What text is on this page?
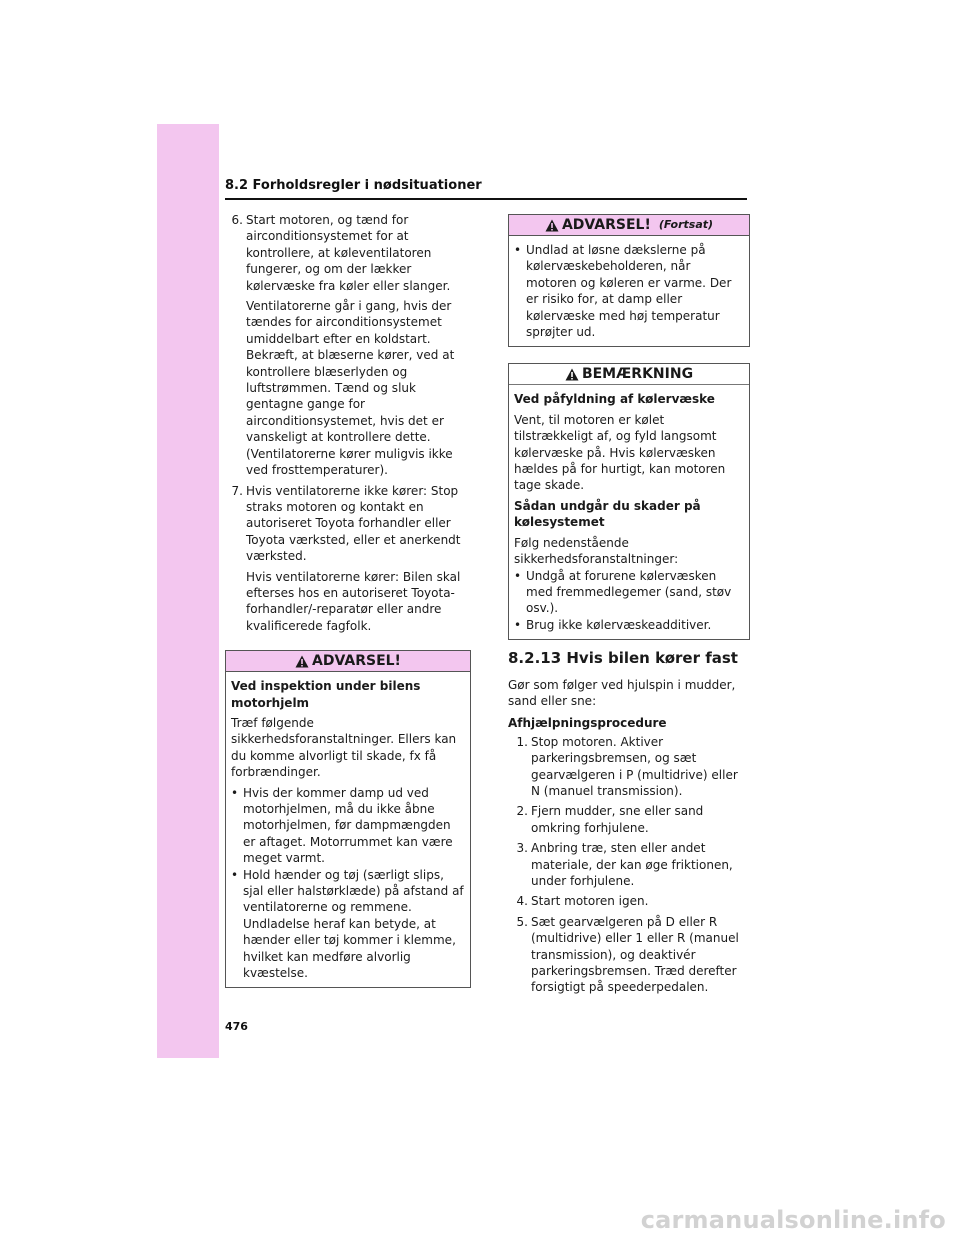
8.2 Forholdsregler i nødsituationer
6. Start motoren, og tænd for airconditionsystemet for at kontrollere, at køleventilatoren fungerer, og om der lækker kølervæske fra køler eller slanger.
Ventilatorerne går i gang, hvis der tændes for airconditionsystemet umiddelbart efter en koldstart. Bekræft, at blæserne kører, ved at kontrollere blæserlyden og luftstrømmen. Tænd og sluk gentagne gange for airconditionsystemet, hvis det er vanskeligt at kontrollere dette. (Ventilatorerne kører muligvis ikke ved frosttemperaturer).
7. Hvis ventilatorerne ikke kører: Stop straks motoren og kontakt en autoriseret Toyota forhandler eller Toyota værksted, eller et anerkendt værksted.
Hvis ventilatorerne kører: Bilen skal efterses hos en autoriseret Toyota-forhandler/-reparatør eller andre kvalificerede fagfolk.
ADVARSEL!

Ved inspektion under bilens motorhjelm

Træf følgende sikkerhedsforanstaltninger. Ellers kan du komme alvorligt til skade, fx få forbrændinger.

• Hvis der kommer damp ud ved motorhjelmen, må du ikke åbne motorhjelmen, før dampmængden er aftaget. Motorrummet kan være meget varmt.
• Hold hænder og tøj (særligt slips, sjal eller halstørklæde) på afstand af ventilatorerne og remmene. Undladelse heraf kan betyde, at hænder eller tøj kommer i klemme, hvilket kan medføre alvorlig kvæstelse.
ADVARSEL! (Fortsat)
• Undlad at løsne dækslerne på kølervæskebeholderen, når motoren og køleren er varme. Der er risiko for, at damp eller kølervæske med høj temperatur sprøjter ud.
BEMÆRKNING

Ved påfyldning af kølervæske

Vent, til motoren er kølet tilstrækkeligt af, og fyld langsomt kølervæske på. Hvis kølervæsken hældes på for hurtigt, kan motoren tage skade.

Sådan undgår du skader på kølesystemet

Følg nedenstående sikkerhedsforanstaltninger:

• Undgå at forurene kølervæsken med fremmedlegemer (sand, støv osv.).
• Brug ikke kølervæskeadditiver.
8.2.13 Hvis bilen kører fast

Gør som følger ved hjulspin i mudder, sand eller sne:

Afhjælpningsprocedure

1. Stop motoren. Aktiver parkeringsbremsen, og sæt gearvælgeren i P (multidrive) eller N (manuel transmission).
2. Fjern mudder, sne eller sand omkring forhjulene.
3. Anbring træ, sten eller andet materiale, der kan øge friktionen, under forhjulene.
4. Start motoren igen.
5. Sæt gearvælgeren på D eller R (multidrive) eller 1 eller R (manuel transmission), og deaktivér parkeringsbremsen. Træd derefter forsigtigt på speederpedalen.
476
carmanualsonline.info
